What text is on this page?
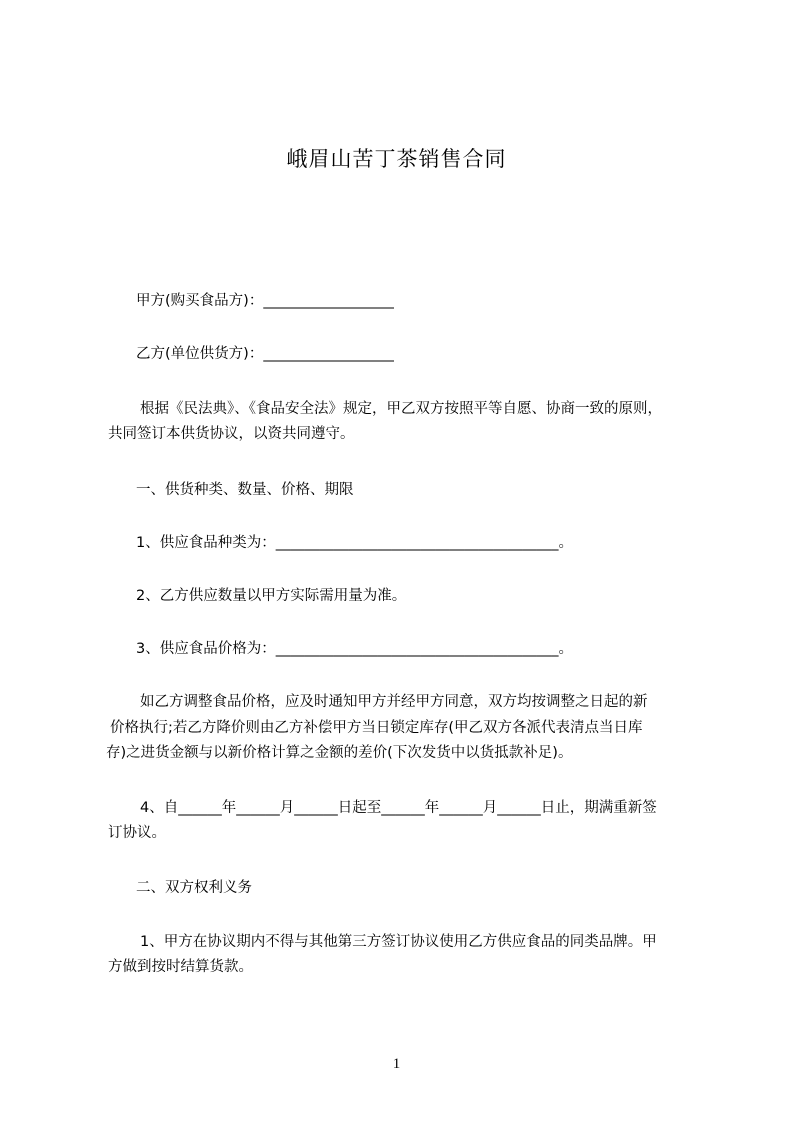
峨眉山苦丁茶销售合同
甲方(购买食品方)：__________________
乙方(单位供货方)：__________________
根据《民法典》、《食品安全法》规定，甲乙双方按照平等自愿、协商一致的原则，
共同签订本供货协议，以资共同遵守。
一、供货种类、数量、价格、期限
1、供应食品种类为：_______________________________________。
2、乙方供应数量以甲方实际需用量为准。
3、供应食品价格为：_______________________________________。
如乙方调整食品价格，应及时通知甲方并经甲方同意，双方均按调整之日起的新
价格执行;若乙方降价则由乙方补偿甲方当日锁定库存(甲乙双方各派代表清点当日库
存)之进货金额与以新价格计算之金额的差价(下次发货中以货抵款补足)。
4、自______年______月______日起至______年______月______日止，期满重新签
订协议。
二、双方权利义务
1、甲方在协议期内不得与其他第三方签订协议使用乙方供应食品的同类品牌。甲
方做到按时结算货款。
1
